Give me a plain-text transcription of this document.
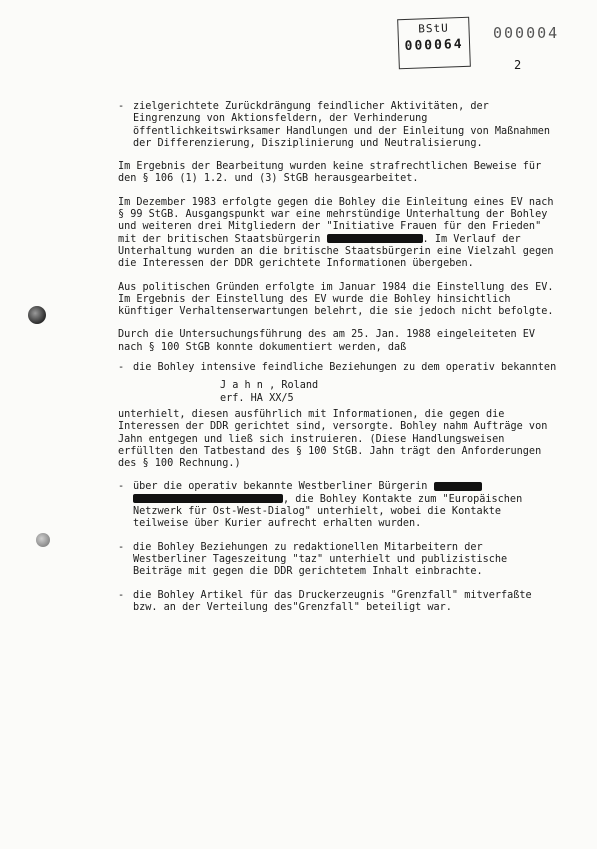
BStU
000064
000004
2
- zielgerichtete Zurückdrängung feindlicher Aktivitäten, der Eingrenzung von Aktionsfeldern, der Verhinderung öffentlichkeitswirksamer Handlungen und der Einleitung von Maßnahmen der Differenzierung, Disziplinierung und Neutralisierung.

Im Ergebnis der Bearbeitung wurden keine strafrechtlichen Beweise für den § 106 (1) 1.2. und (3) StGB herausgearbeitet.

Im Dezember 1983 erfolgte gegen die Bohley die Einleitung eines EV nach § 99 StGB. Ausgangspunkt war eine mehrstündige Unterhaltung der Bohley und weiteren drei Mitgliedern der "Initiative Frauen für den Frieden" mit der britischen Staatsbürgerin	. Im Verlauf der Unterhaltung wurden an die britische Staatsbürgerin eine Vielzahl gegen die Interessen der DDR gerichtete Informationen übergeben.

Aus politischen Gründen erfolgte im Januar 1984 die Einstellung des EV. Im Ergebnis der Einstellung des EV wurde die Bohley hinsichtlich künftiger Verhaltenserwartungen belehrt, die sie jedoch nicht befolgte.

Durch die Untersuchungsführung des am 25. Jan. 1988 eingeleiteten EV nach § 100 StGB konnte dokumentiert werden, daß

- die Bohley intensive feindliche Beziehungen zu dem operativ bekannten
J a h n , Roland
erf. HA XX/5

unterhielt, diesen ausführlich mit Informationen, die gegen die Interessen der DDR gerichtet sind, versorgte. Bohley nahm Aufträge von Jahn entgegen und ließ sich instruieren. (Diese Handlungsweisen erfüllten den Tatbestand des § 100 StGB. Jahn trägt den Anforderungen des § 100 Rechnung.)

- über die operativ bekannte Westberliner Bürgerin  , die Bohley Kontakte zum "Europäischen Netzwerk für Ost-West-Dialog" unterhielt, wobei die Kontakte teilweise über Kurier aufrecht erhalten wurden.
- die Bohley Beziehungen zu redaktionellen Mitarbeitern der Westberliner Tageszeitung "taz" unterhielt und publizistische Beiträge mit gegen die DDR gerichtetem Inhalt einbrachte.
- die Bohley Artikel für das Druckerzeugnis "Grenzfall" mitverfaßte bzw. an der Verteilung des"Grenzfall" beteiligt war.
